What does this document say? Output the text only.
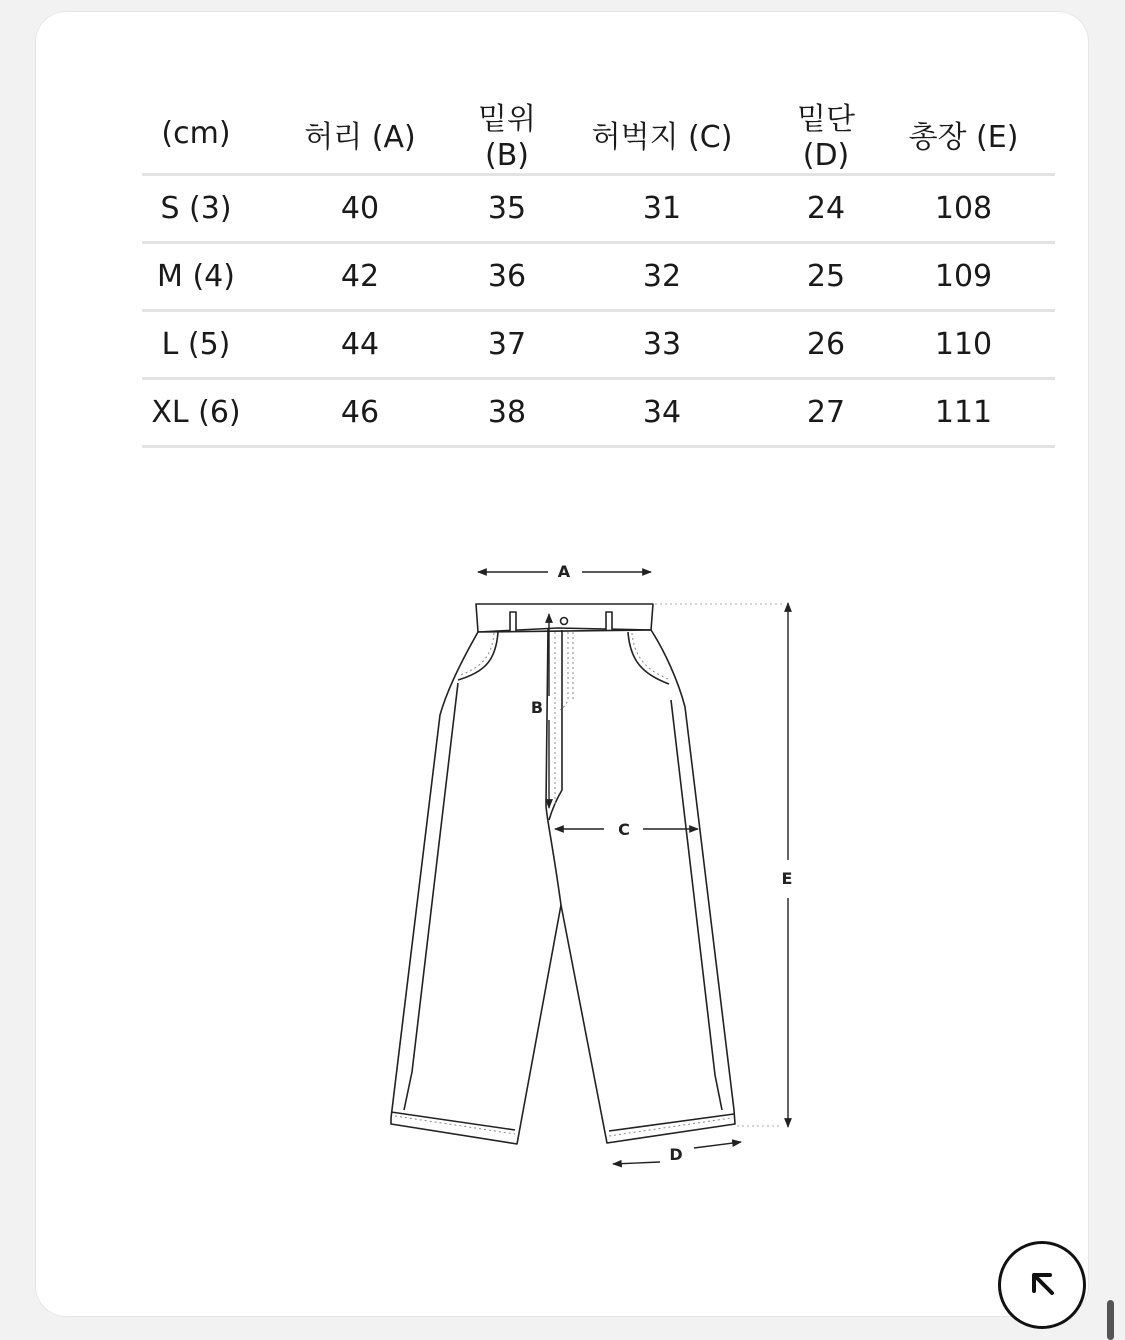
(cm)	허리 (A)	밑위 (B)	허벅지 (C)	밑단 (D)	총장 (E)
S (3)	40	35	31	24	108
M (4)	42	36	32	25	109
L (5)	44	37	33	26	110
XL (6)	46	38	34	27	111
A
B
C
D
E
